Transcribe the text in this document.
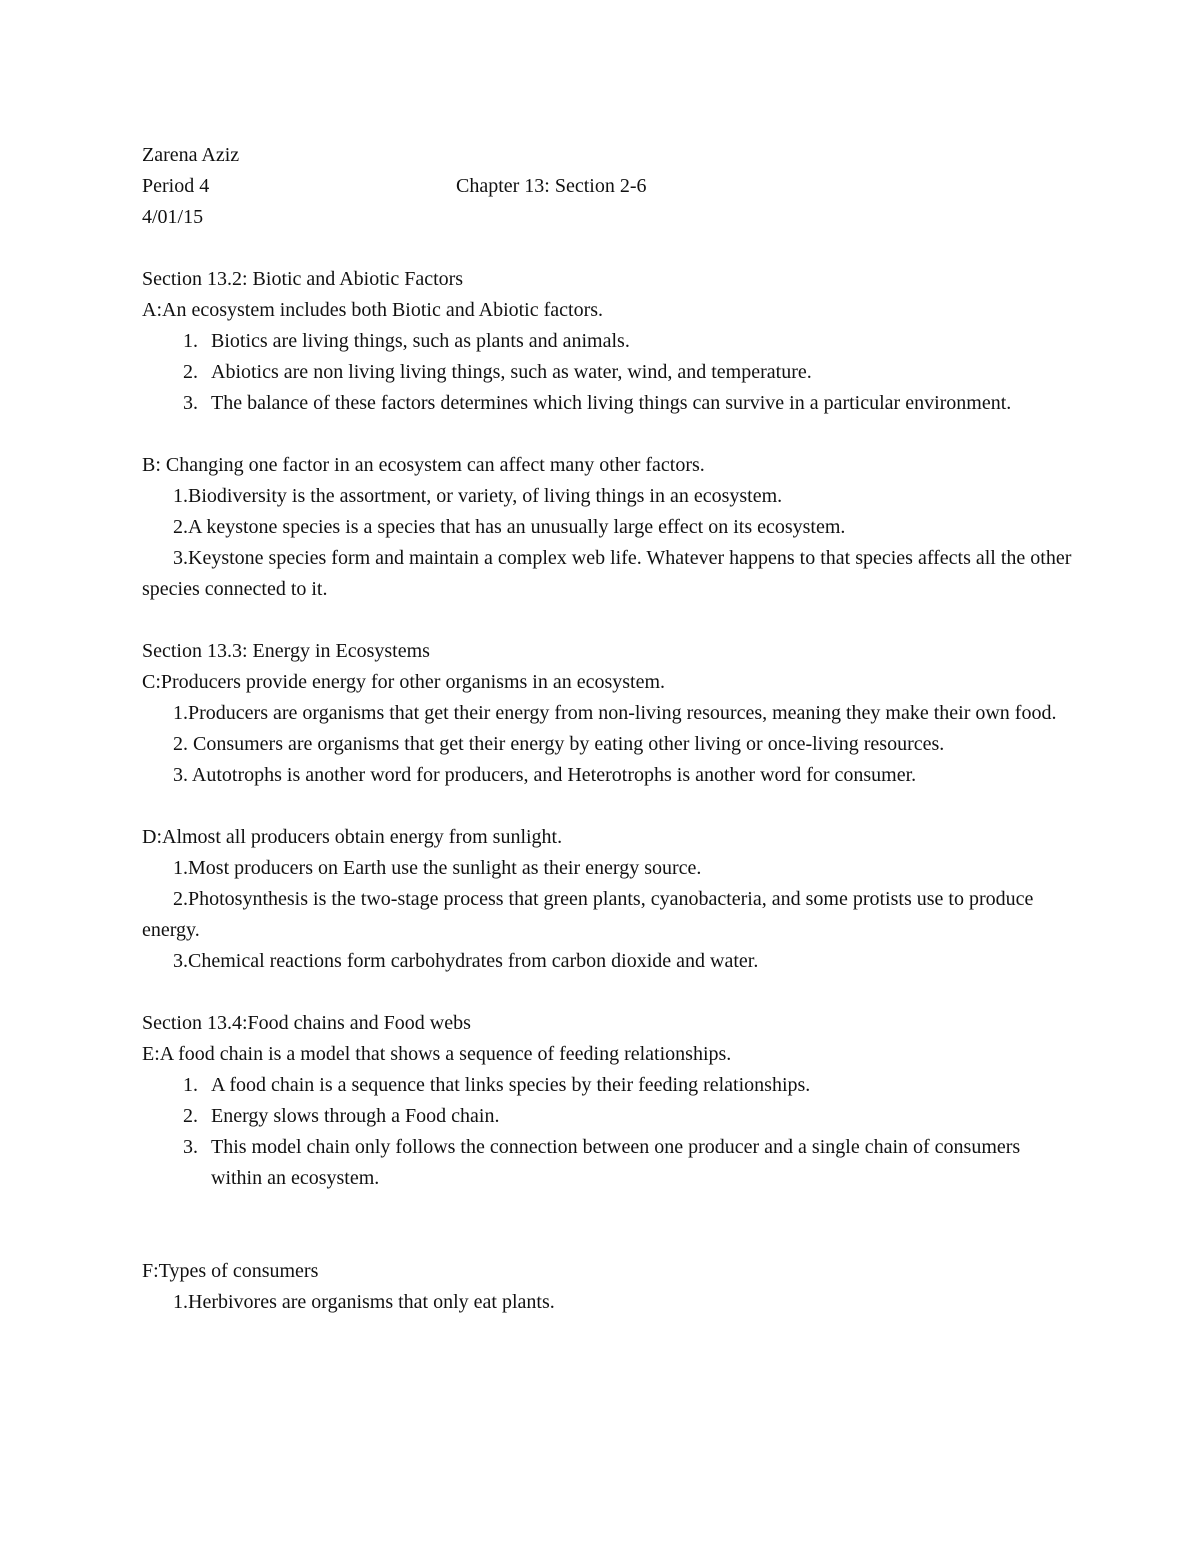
Zarena Aziz
Period 4	Chapter 13: Section 2-6
4/01/15
Section 13.2: Biotic and Abiotic Factors
A:An ecosystem includes both Biotic and Abiotic factors.
1. Biotics are living things, such as plants and animals.
2. Abiotics are non living living things, such as water, wind, and temperature.
3. The balance of these factors determines which living things can survive in a particular environment.
B: Changing one factor in an ecosystem can affect many other factors.
1.Biodiversity is the assortment, or variety, of living things in an ecosystem.
2.A keystone species is a species that has an unusually large effect on its ecosystem.
3.Keystone species form and maintain a complex web life. Whatever happens to that species affects all the other species connected to it.
Section 13.3: Energy in Ecosystems
C:Producers provide energy for other organisms in an ecosystem.
1.Producers are organisms that get their energy from non-living resources, meaning they make their own food.
2. Consumers are organisms that get their energy by eating other living or once-living resources.
3. Autotrophs is another word for producers, and Heterotrophs is another word for consumer.
D:Almost all producers obtain energy from sunlight.
1.Most producers on Earth use the sunlight as their energy source.
2.Photosynthesis is the two-stage process that green plants, cyanobacteria, and some protists use to produce energy.
3.Chemical reactions form carbohydrates from carbon dioxide and water.
Section 13.4:Food chains and Food webs
E:A food chain is a model that shows a sequence of feeding relationships.
1. A food chain is a sequence that links species by their feeding relationships.
2. Energy slows through a Food chain.
3. This model chain only follows the connection between one producer and a single chain of consumers within an ecosystem.
F:Types of consumers
1.Herbivores are organisms that only eat plants.
